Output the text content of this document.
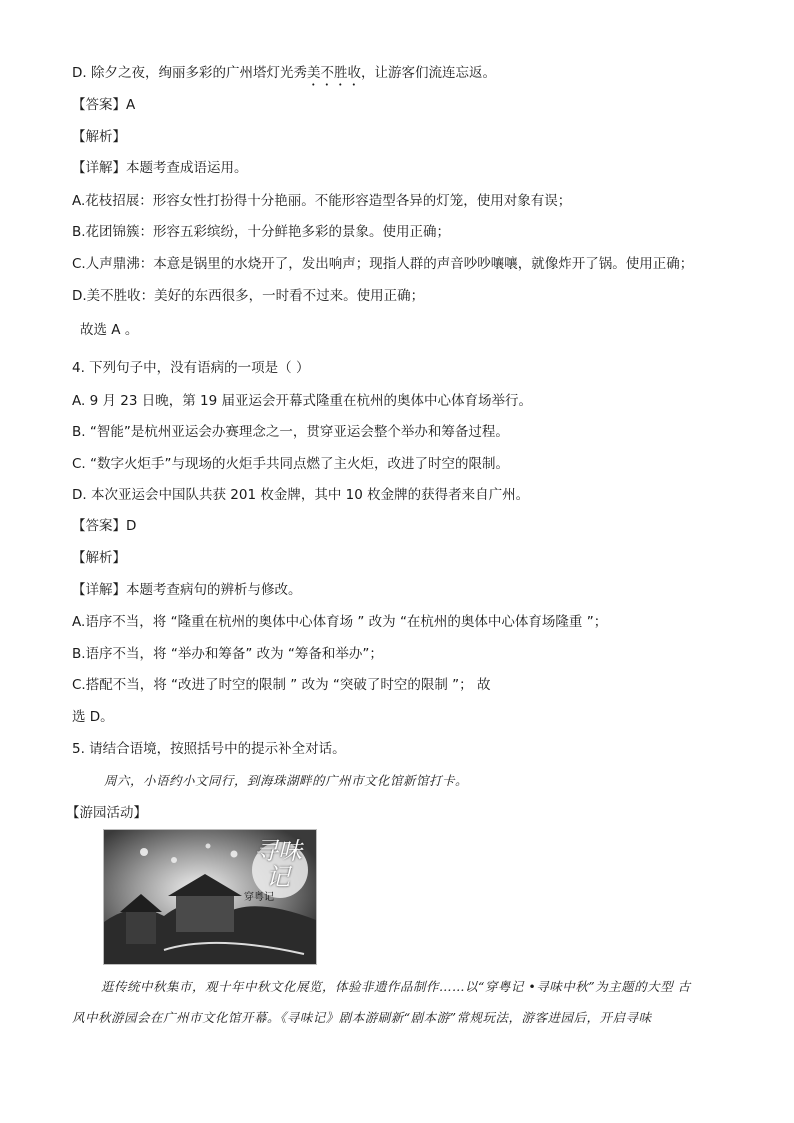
D. 除夕之夜，绚丽多彩的广州塔灯光秀美不胜收，让游客们流连忘返。
【答案】A
【解析】
【详解】本题考查成语运用。
A.花枝招展：形容女性打扮得十分艳丽。不能形容造型各异的灯笼，使用对象有误；
B.花团锦簇：形容五彩缤纷，十分鲜艳多彩的景象。使用正确；
C.人声鼎沸：本意是锅里的水烧开了，发出响声；现指人群的声音吵吵嚷嚷，就像炸开了锅。使用正确；
D.美不胜收：美好的东西很多，一时看不过来。使用正确；
故选 A 。
4. 下列句子中，没有语病的一项是（ ）
A. 9 月 23 日晚，第 19 届亚运会开幕式隆重在杭州的奥体中心体育场举行。
B. “智能”是杭州亚运会办赛理念之一，贯穿亚运会整个举办和筹备过程。
C. “数字火炬手”与现场的火炬手共同点燃了主火炬，改进了时空的限制。
D. 本次亚运会中国队共获 201 枚金牌，其中 10 枚金牌的获得者来自广州。
【答案】D
【解析】
【详解】本题考查病句的辨析与修改。
A.语序不当，将 “隆重在杭州的奥体中心体育场 ” 改为 “在杭州的奥体中心体育场隆重 ”；
B.语序不当，将 “举办和筹备” 改为 “筹备和举办”；
C.搭配不当，将 “改进了时空的限制 ” 改为 “突破了时空的限制 ”； 故
选 D。
5. 请结合语境，按照括号中的提示补全对话。
周六，小语约小文同行，到海珠湖畔的广州市文化馆新馆打卡。
【游园活动】
寻味记
穿粤记
逛传统中秋集市，观十年中秋文化展览，体验非遗作品制作……以“穿粤记 •寻味中秋”为主题的大型 古
风中秋游园会在广州市文化馆开幕。《寻味记》剧本游刷新“剧本游”常规玩法，游客进园后，开启寻味
